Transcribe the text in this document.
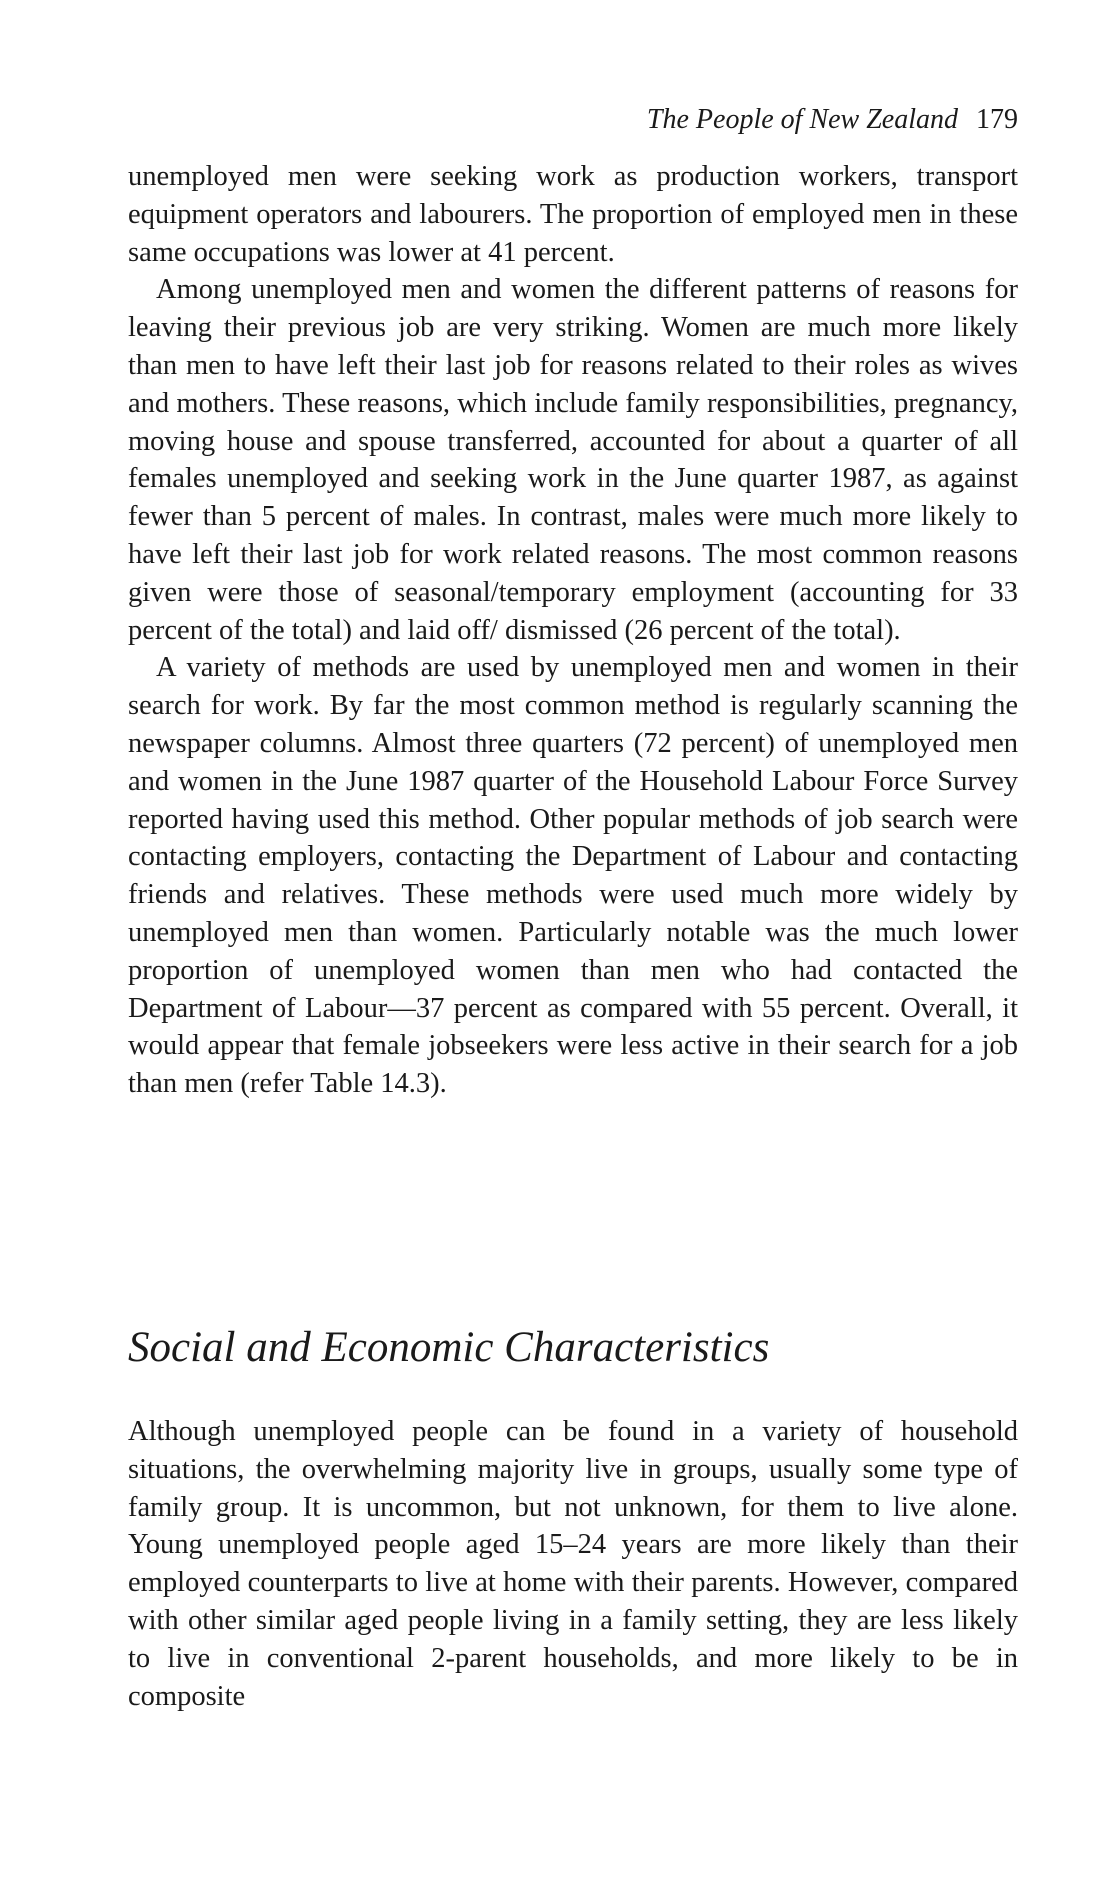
The People of New Zealand 179

unemployed men were seeking work as production workers, transport equipment operators and labourers. The proportion of employed men in these same occupations was lower at 41 percent.

Among unemployed men and women the different patterns of reasons for leaving their previous job are very striking. Women are much more likely than men to have left their last job for reasons related to their roles as wives and mothers. These reasons, which include family responsibilities, pregnancy, moving house and spouse transferred, accounted for about a quarter of all females unemployed and seeking work in the June quarter 1987, as against fewer than 5 percent of males. In contrast, males were much more likely to have left their last job for work related reasons. The most common reasons given were those of seasonal/temporary employment (accounting for 33 percent of the total) and laid off/ dismissed (26 percent of the total).

A variety of methods are used by unemployed men and women in their search for work. By far the most common method is regularly scanning the newspaper columns. Almost three quarters (72 percent) of unemployed men and women in the June 1987 quarter of the Household Labour Force Survey reported having used this method. Other popular methods of job search were contacting employers, contacting the Department of Labour and contacting friends and relatives. These methods were used much more widely by unemployed men than women. Particularly notable was the much lower proportion of unemployed women than men who had contacted the Department of Labour—37 percent as compared with 55 percent. Overall, it would appear that female jobseekers were less active in their search for a job than men (refer Table 14.3).

Social and Economic Characteristics

Although unemployed people can be found in a variety of household situations, the overwhelming majority live in groups, usually some type of family group. It is uncommon, but not unknown, for them to live alone. Young unemployed people aged 15–24 years are more likely than their employed counterparts to live at home with their parents. However, compared with other similar aged people living in a family setting, they are less likely to live in conventional 2-parent households, and more likely to be in composite
